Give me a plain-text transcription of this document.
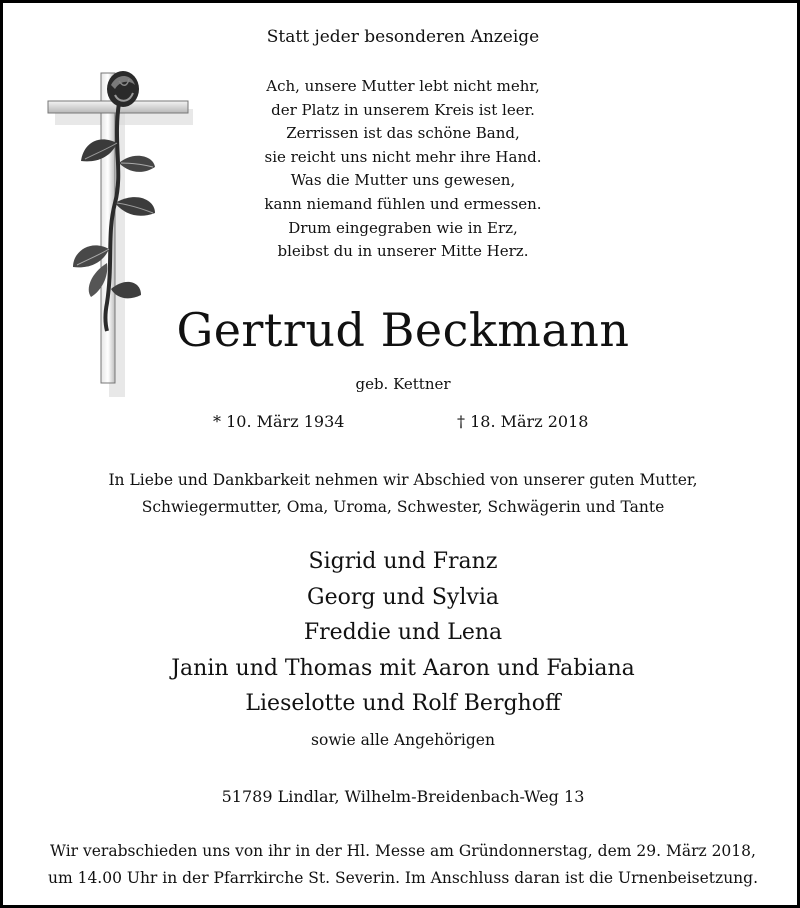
Statt jeder besonderen Anzeige
Ach, unsere Mutter lebt nicht mehr,
der Platz in unserem Kreis ist leer.
Zerrissen ist das schöne Band,
sie reicht uns nicht mehr ihre Hand.
Was die Mutter uns gewesen,
kann niemand fühlen und ermessen.
Drum eingegraben wie in Erz,
bleibst du in unserer Mitte Herz.
Gertrud Beckmann
geb. Kettner
* 10. März 1934	† 18. März 2018
In Liebe und Dankbarkeit nehmen wir Abschied von unserer guten Mutter,
Schwiegermutter, Oma, Uroma, Schwester, Schwägerin und Tante
Sigrid und Franz
Georg und Sylvia
Freddie und Lena
Janin und Thomas mit Aaron und Fabiana
Lieselotte und Rolf Berghoff
sowie alle Angehörigen
51789 Lindlar, Wilhelm-Breidenbach-Weg 13
Wir verabschieden uns von ihr in der Hl. Messe am Gründonnerstag, dem 29. März 2018,
um 14.00 Uhr in der Pfarrkirche St. Severin. Im Anschluss daran ist die Urnenbeisetzung.
